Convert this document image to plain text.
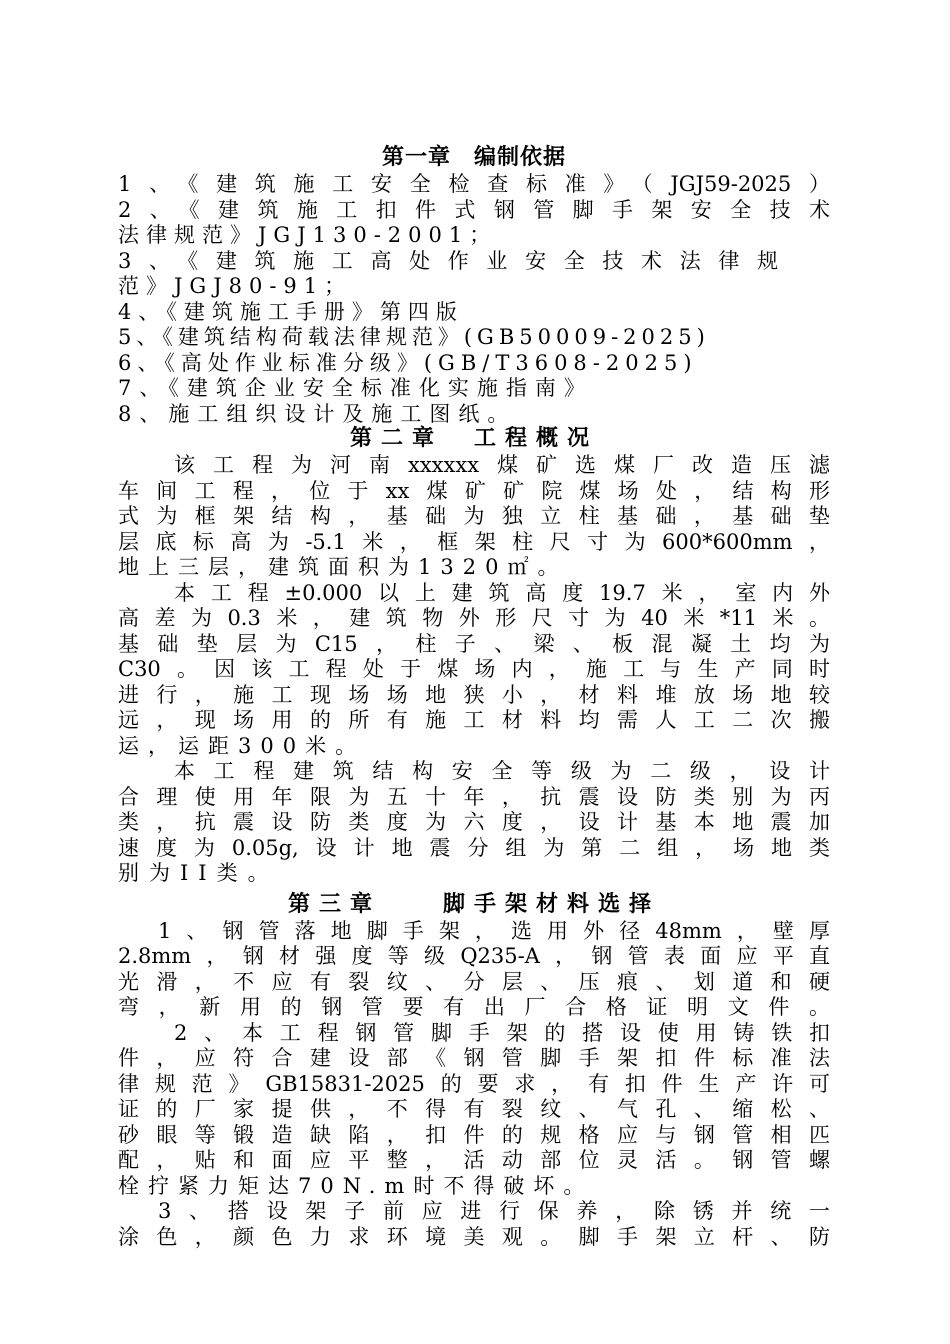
第一章　编制依据
1、《建筑施工安全检查标准》（JGJ59-2025）
2、《建筑施工扣件式钢管脚手架安全技术
法律规范》JGJ130-2001；
3、《建筑施工高处作业安全技术法律规
范》JGJ80-91；
4、《建筑施工手册》第四版
5、《建筑结构荷载法律规范》(GB50009-2025)
6、《高处作业标准分级》(GB/T3608-2025)
7、《建筑企业安全标准化实施指南》
8、施工组织设计及施工图纸。
第二章　工程概况
该工程为河南xxxxxx煤矿选煤厂改造压滤
车间工程，位于xx煤矿矿院煤场处，结构形
式为框架结构，基础为独立柱基础，基础垫
层底标高为-5.1米，框架柱尺寸为600*600mm，
地上三层，建筑面积为1320㎡。
本工程±0.000以上建筑高度19.7米，室内外
高差为0.3米，建筑物外形尺寸为40米*11米。
基础垫层为C15，柱子、梁、板混凝土均为
C30。因该工程处于煤场内，施工与生产同时
进行，施工现场场地狭小，材料堆放场地较
远，现场用的所有施工材料均需人工二次搬
运，运距300米。
本工程建筑结构安全等级为二级，设计
合理使用年限为五十年，抗震设防类别为丙
类，抗震设防类度为六度，设计基本地震加
速度为0.05g,设计地震分组为第二组，场地类
别为II类。
第三章　　脚手架材料选择
1、钢管落地脚手架，选用外径48mm，壁厚
2.8mm，钢材强度等级Q235-A，钢管表面应平直
光滑，不应有裂纹、分层、压痕、划道和硬
弯，新用的钢管要有出厂合格证明文件。
2、本工程钢管脚手架的搭设使用铸铁扣
件，应符合建设部《钢管脚手架扣件标准法
律规范》GB15831-2025的要求，有扣件生产许可
证的厂家提供，不得有裂纹、气孔、缩松、
砂眼等锻造缺陷，扣件的规格应与钢管相匹
配，贴和面应平整，活动部位灵活。钢管螺
栓拧紧力矩达70N.m时不得破坏。
3、搭设架子前应进行保养，除锈并统一
涂色，颜色力求环境美观。脚手架立杆、防
